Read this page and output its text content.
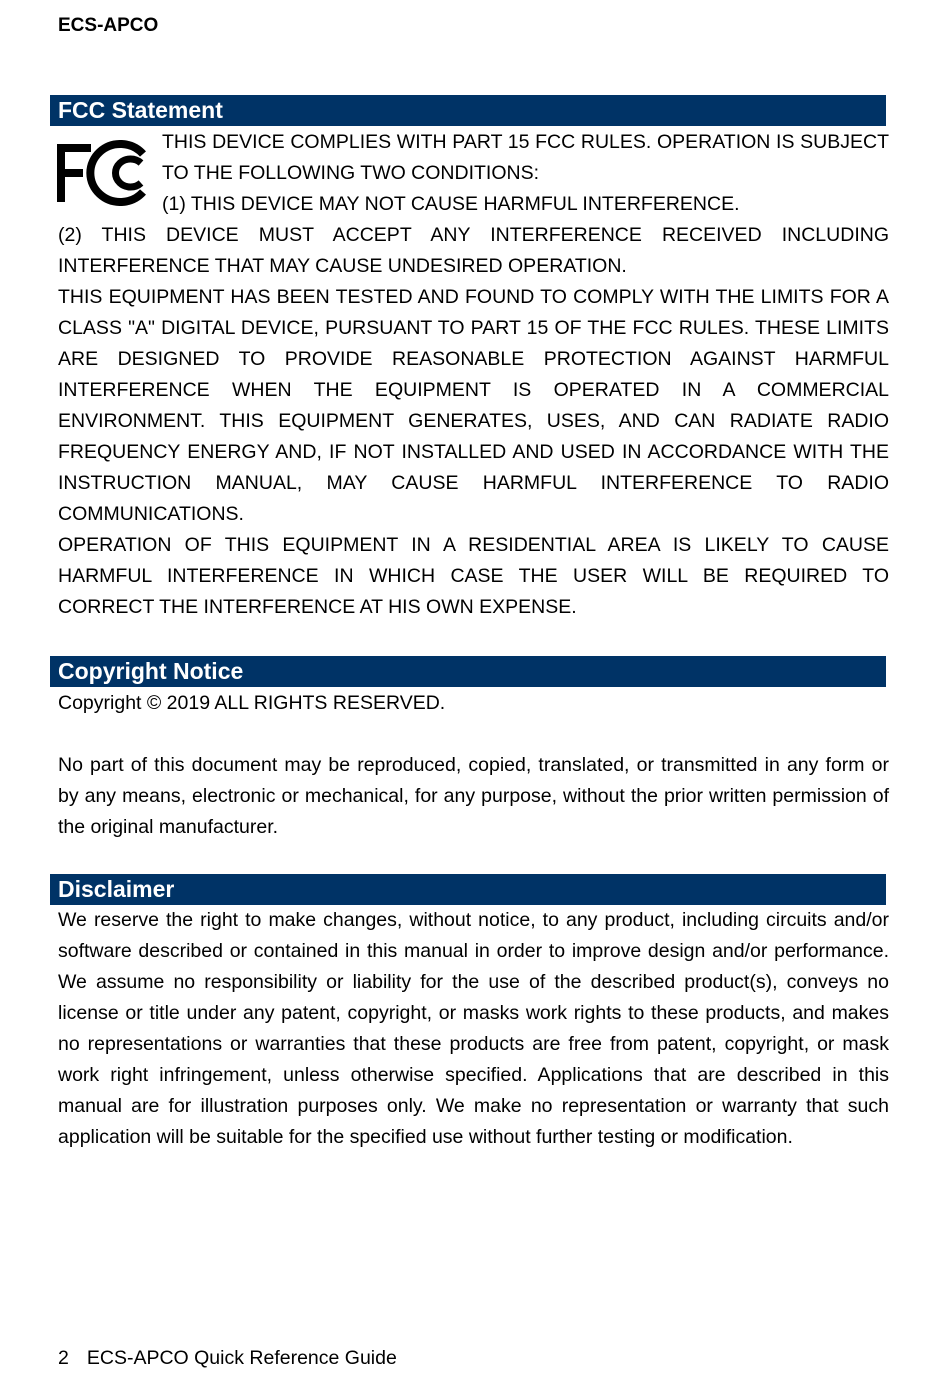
ECS-APCO
FCC Statement

THIS DEVICE COMPLIES WITH PART 15 FCC RULES. OPERATION IS SUBJECT TO THE FOLLOWING TWO CONDITIONS:

(1) THIS DEVICE MAY NOT CAUSE HARMFUL INTERFERENCE.

(2) THIS DEVICE MUST ACCEPT ANY INTERFERENCE RECEIVED INCLUDING INTERFERENCE THAT MAY CAUSE UNDESIRED OPERATION.

THIS EQUIPMENT HAS BEEN TESTED AND FOUND TO COMPLY WITH THE LIMITS FOR A CLASS "A" DIGITAL DEVICE, PURSUANT TO PART 15 OF THE FCC RULES. THESE LIMITS ARE DESIGNED TO PROVIDE REASONABLE PROTECTION AGAINST HARMFUL INTERFERENCE WHEN THE EQUIPMENT IS OPERATED IN A COMMERCIAL ENVIRONMENT. THIS EQUIPMENT GENERATES, USES, AND CAN RADIATE RADIO FREQUENCY ENERGY AND, IF NOT INSTALLED AND USED IN ACCORDANCE WITH THE INSTRUCTION MANUAL, MAY CAUSE HARMFUL INTERFERENCE TO RADIO COMMUNICATIONS.

OPERATION OF THIS EQUIPMENT IN A RESIDENTIAL AREA IS LIKELY TO CAUSE HARMFUL INTERFERENCE IN WHICH CASE THE USER WILL BE REQUIRED TO CORRECT THE INTERFERENCE AT HIS OWN EXPENSE.

Copyright Notice

Copyright © 2019 ALL RIGHTS RESERVED.

No part of this document may be reproduced, copied, translated, or transmitted in any form or by any means, electronic or mechanical, for any purpose, without the prior written permission of the original manufacturer.

Disclaimer

We reserve the right to make changes, without notice, to any product, including circuits and/or software described or contained in this manual in order to improve design and/or performance. We assume no responsibility or liability for the use of the described product(s), conveys no license or title under any patent, copyright, or masks work rights to these products, and makes no representations or warranties that these products are free from patent, copyright, or mask work right infringement, unless otherwise specified. Applications that are described in this manual are for illustration purposes only. We make no representation or warranty that such application will be suitable for the specified use without further testing or modification.

2 ECS-APCO Quick Reference Guide
